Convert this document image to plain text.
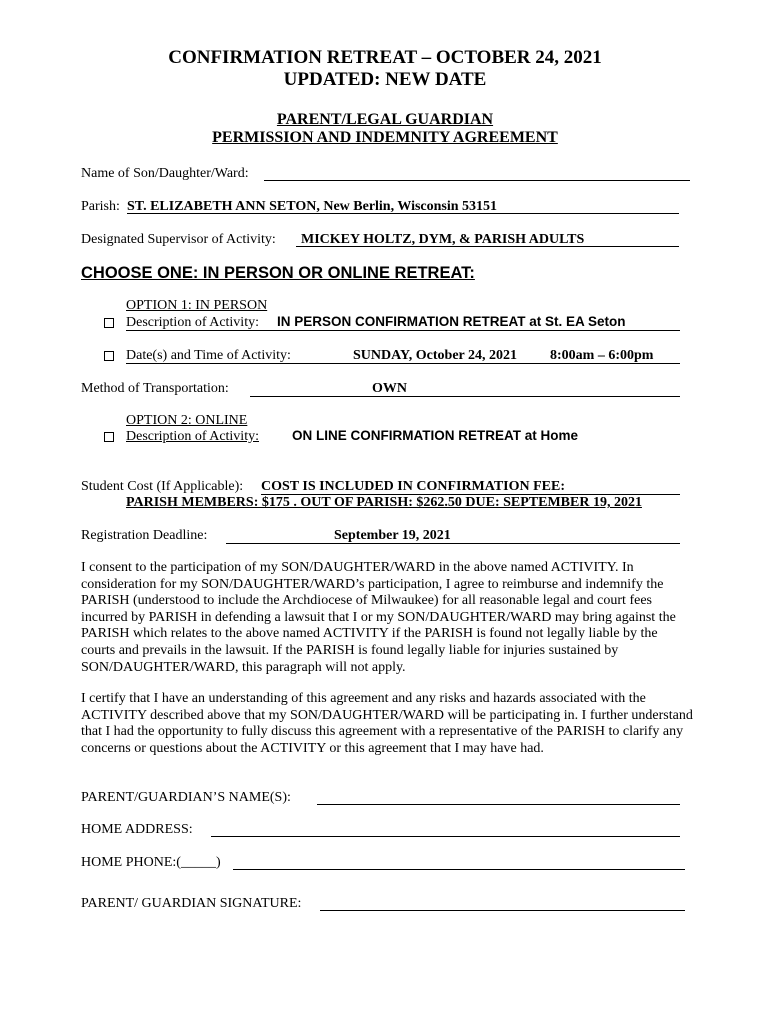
CONFIRMATION RETREAT – OCTOBER 24, 2021
UPDATED: NEW DATE
PARENT/LEGAL GUARDIAN
PERMISSION AND INDEMNITY AGREEMENT
Name of Son/Daughter/Ward:
Parish: ST. ELIZABETH ANN SETON, New Berlin, Wisconsin 53151
Designated Supervisor of Activity: MICKEY HOLTZ, DYM, & PARISH ADULTS
CHOOSE ONE: IN PERSON OR ONLINE RETREAT:
OPTION 1: IN PERSON
Description of Activity: IN PERSON CONFIRMATION RETREAT at St. EA Seton
Date(s) and Time of Activity:	SUNDAY, October 24, 2021 8:00am – 6:00pm
Method of Transportation:	OWN
OPTION 2: ONLINE
Description of Activity: ON LINE CONFIRMATION RETREAT at Home
Student Cost (If Applicable): COST IS INCLUDED IN CONFIRMATION FEE:
PARISH MEMBERS: $175 . OUT OF PARISH: $262.50 DUE: SEPTEMBER 19, 2021
Registration Deadline:	September 19, 2021
I consent to the participation of my SON/DAUGHTER/WARD in the above named ACTIVITY. In consideration for my SON/DAUGHTER/WARD’s participation, I agree to reimburse and indemnify the PARISH (understood to include the Archdiocese of Milwaukee) for all reasonable legal and court fees incurred by PARISH in defending a lawsuit that I or my SON/DAUGHTER/WARD may bring against the PARISH which relates to the above named ACTIVITY if the PARISH is found not legally liable by the courts and prevails in the lawsuit. If the PARISH is found legally liable for injuries sustained by SON/DAUGHTER/WARD, this paragraph will not apply.
I certify that I have an understanding of this agreement and any risks and hazards associated with the ACTIVITY described above that my SON/DAUGHTER/WARD will be participating in. I further understand that I had the opportunity to fully discuss this agreement with a representative of the PARISH to clarify any concerns or questions about the ACTIVITY or this agreement that I may have had.
PARENT/GUARDIAN’S NAME(S):
HOME ADDRESS:
HOME PHONE:(_____)
PARENT/ GUARDIAN SIGNATURE:
